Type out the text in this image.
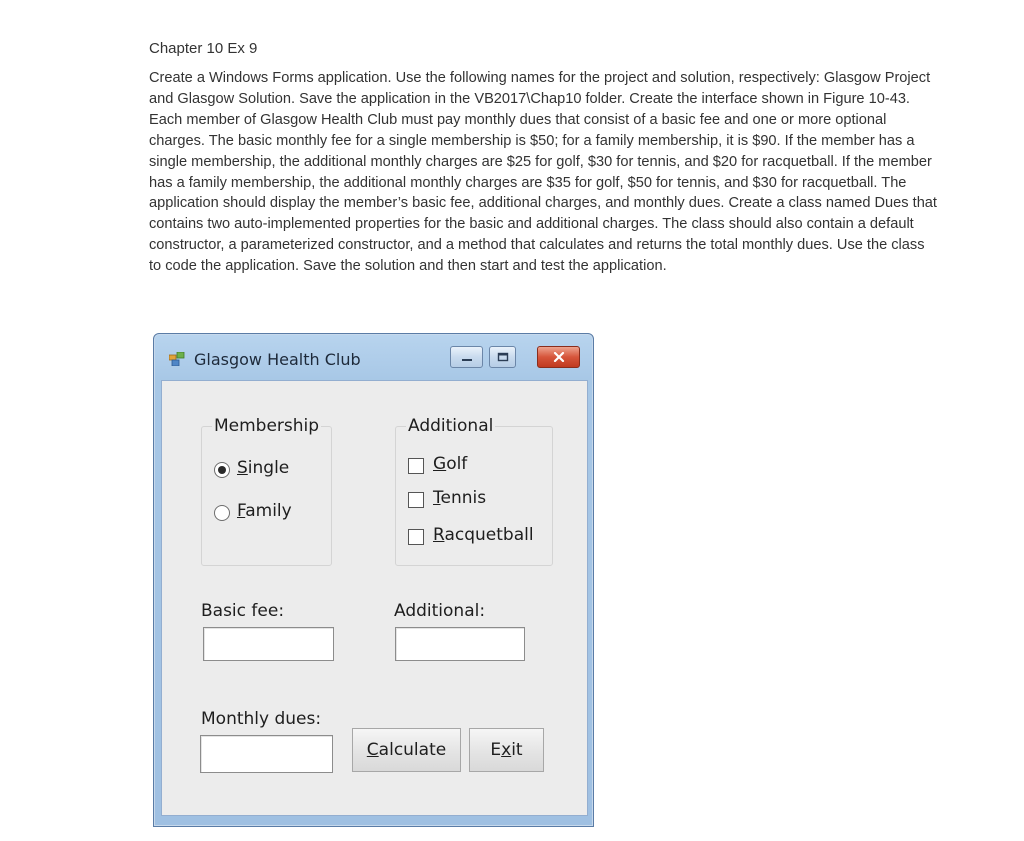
Chapter 10 Ex 9
Create a Windows Forms application. Use the following names for the project and solution, respectively: Glasgow Project and Glasgow Solution. Save the application in the VB2017\Chap10 folder. Create the interface shown in Figure 10-43. Each member of Glasgow Health Club must pay monthly dues that consist of a basic fee and one or more optional charges. The basic monthly fee for a single membership is $50; for a family membership, it is $90. If the member has a single membership, the additional monthly charges are $25 for golf, $30 for tennis, and $20 for racquetball. If the member has a family membership, the additional monthly charges are $35 for golf, $50 for tennis, and $30 for racquetball. The application should display the member’s basic fee, additional charges, and monthly dues. Create a class named Dues that contains two auto-implemented properties for the basic and additional charges. The class should also contain a default constructor, a parameterized constructor, and a method that calculates and returns the total monthly dues. Use the class to code the application. Save the solution and then start and test the application.
Glasgow Health Club
Membership
Single
Family
Additional
Golf
Tennis
Racquetball
Basic fee:	Additional:
Monthly dues:
Calculate	Exit
